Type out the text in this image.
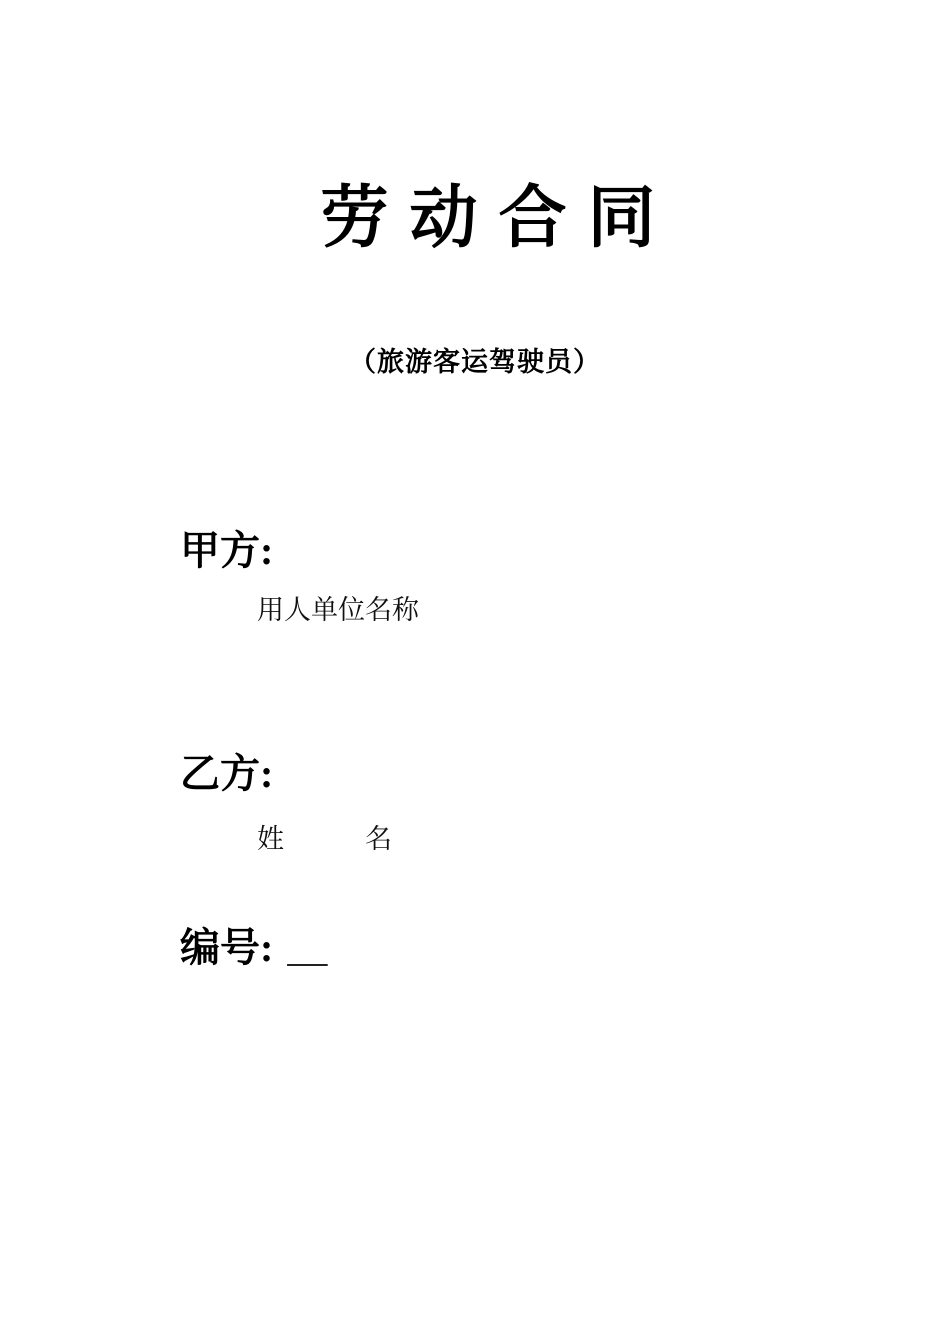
劳 动 合 同
（旅游客运驾驶员）
甲方:
用人单位名称
乙方:
姓　　　名
编号: __
